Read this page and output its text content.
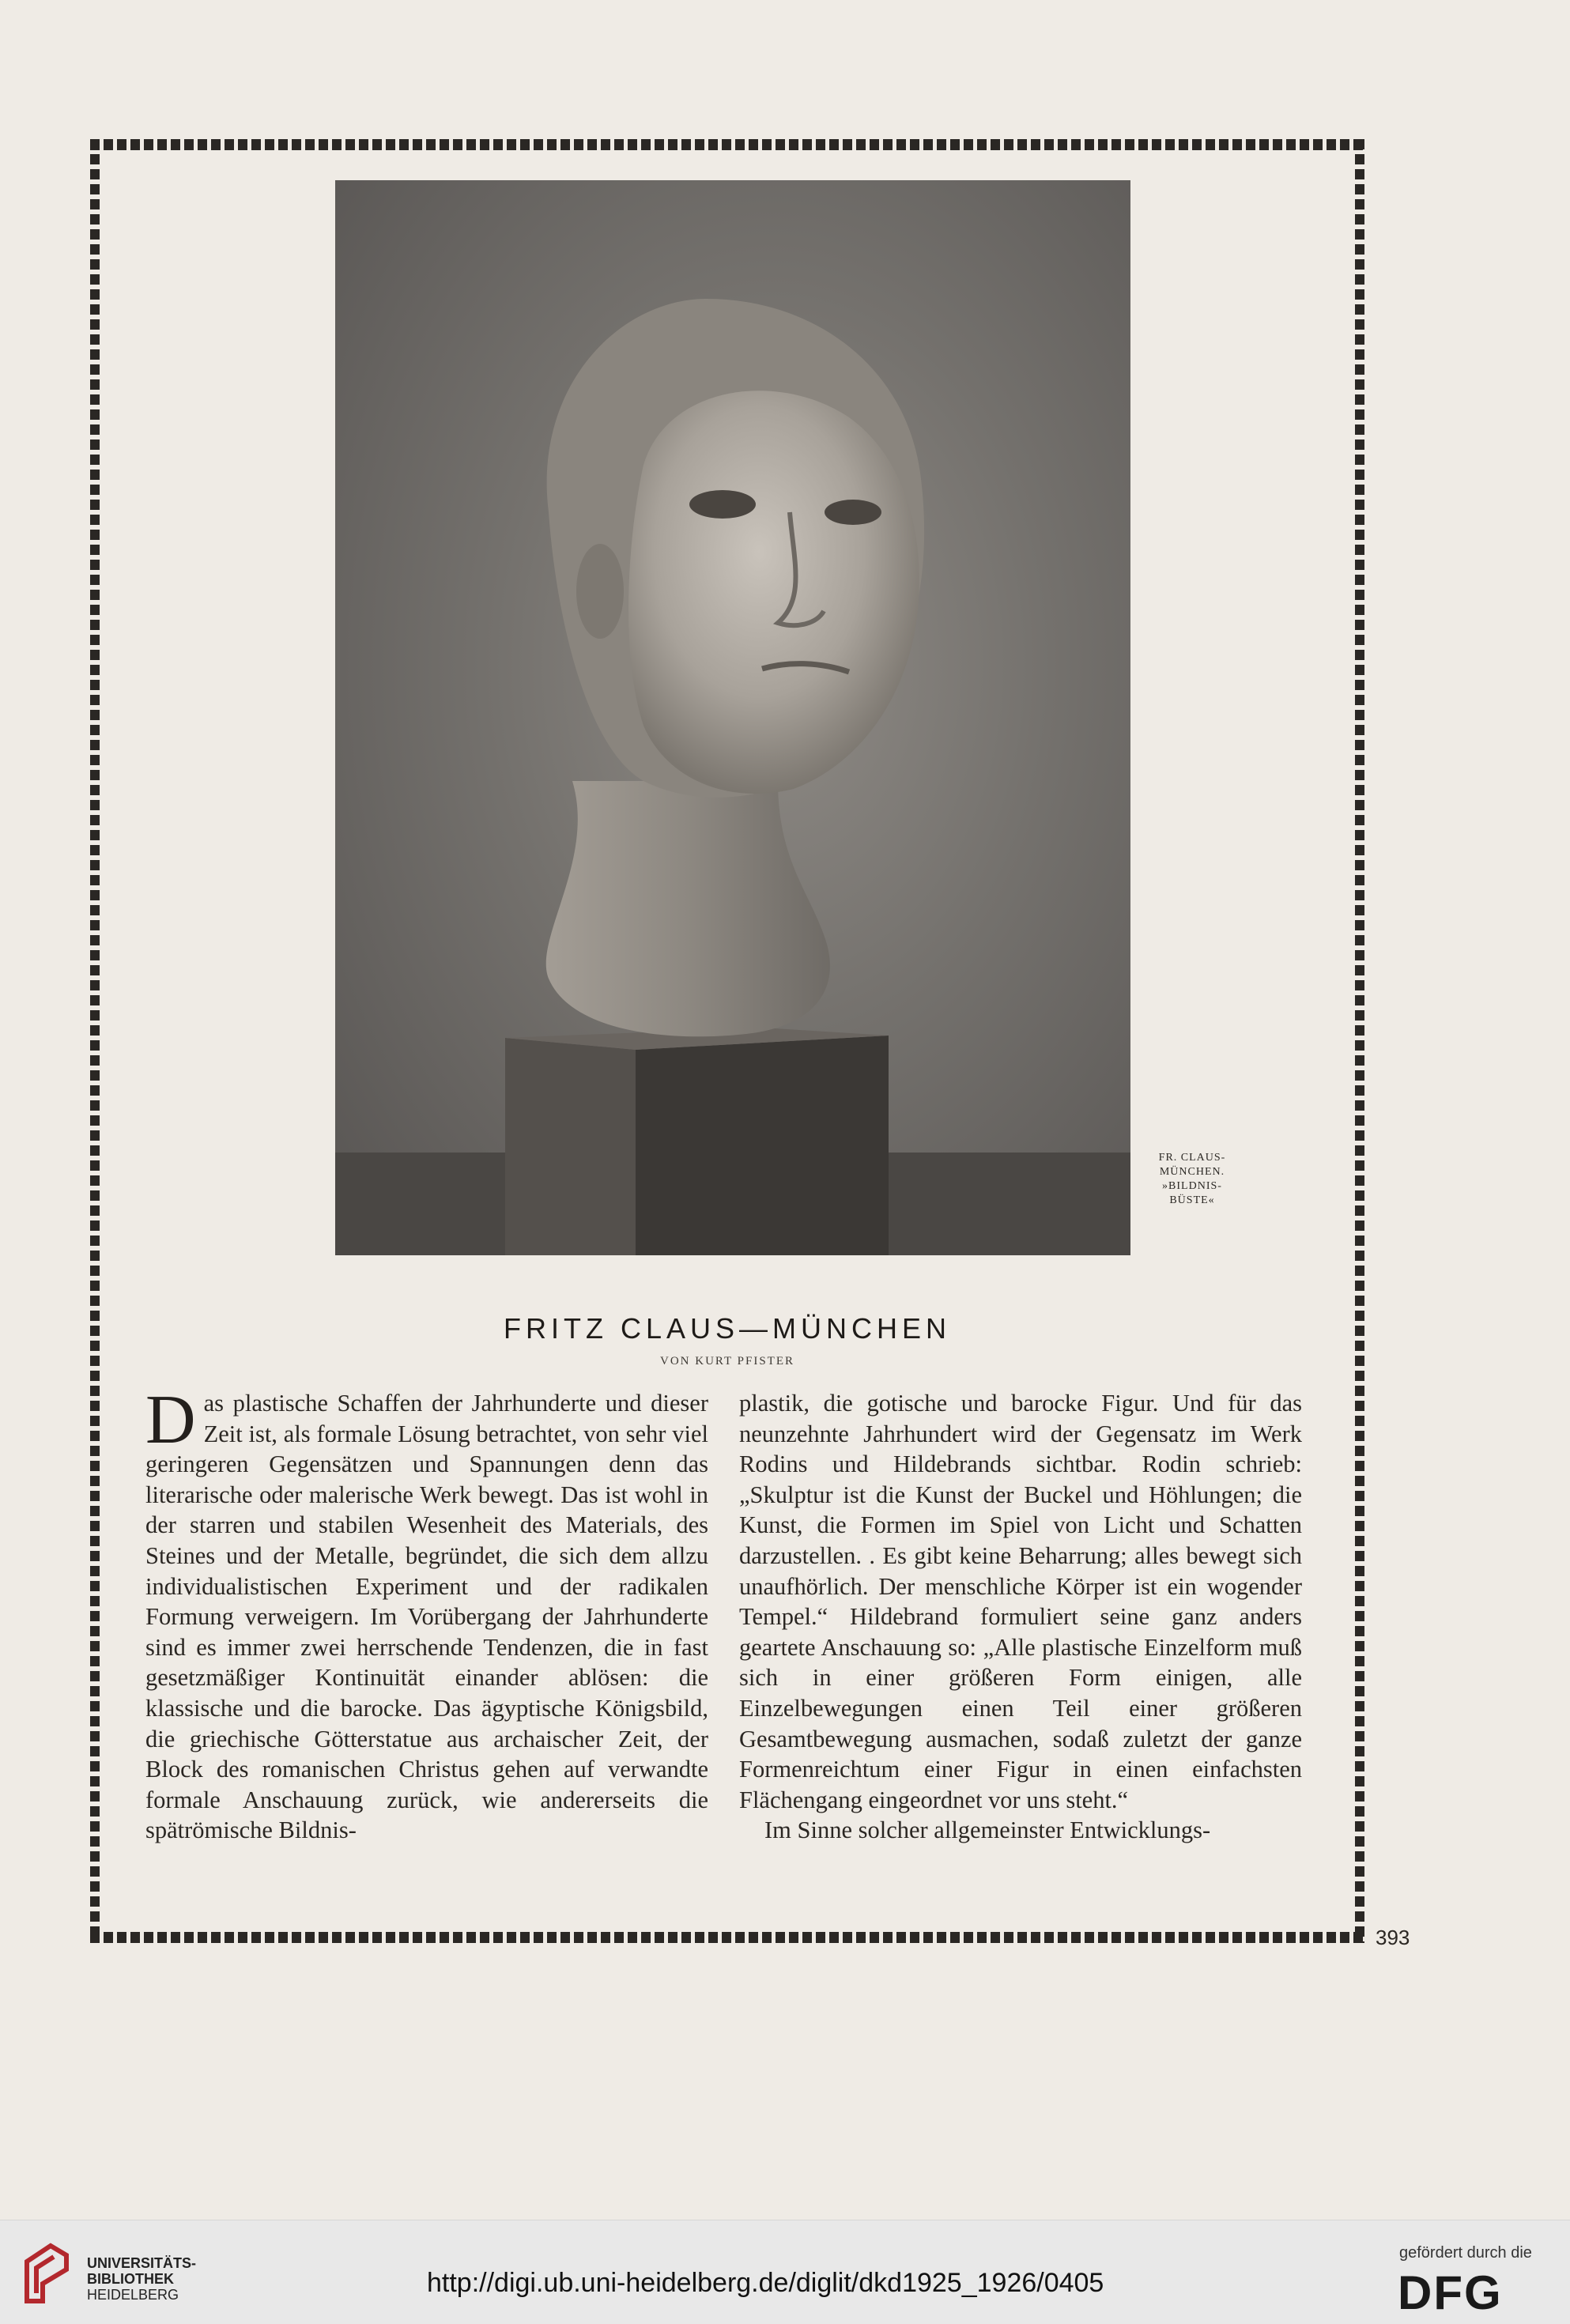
FR. CLAUS-
MÜNCHEN.
»BILDNIS-
BÜSTE«
FRITZ CLAUS—MÜNCHEN
VON KURT PFISTER

Das plastische Schaffen der Jahrhunderte und dieser Zeit ist, als formale Lösung betrachtet, von sehr viel geringeren Gegensätzen und Spannungen denn das literarische oder malerische Werk bewegt. Das ist wohl in der starren und stabilen Wesenheit des Materials, des Steines und der Metalle, begründet, die sich dem allzu individualistischen Experiment und der radikalen Formung verweigern. Im Vorübergang der Jahrhunderte sind es immer zwei herrschende Tendenzen, die in fast gesetzmäßiger Kontinuität einander ablösen: die klassische und die barocke. Das ägyptische Königsbild, die griechische Götterstatue aus archaischer Zeit, der Block des romanischen Christus gehen auf verwandte formale Anschauung zurück, wie andererseits die spätrömische Bildnis-

plastik, die gotische und barocke Figur. Und für das neunzehnte Jahrhundert wird der Gegensatz im Werk Rodins und Hildebrands sichtbar. Rodin schrieb: „Skulptur ist die Kunst der Buckel und Höhlungen; die Kunst, die Formen im Spiel von Licht und Schatten darzustellen. . Es gibt keine Beharrung; alles bewegt sich unaufhörlich. Der menschliche Körper ist ein wogender Tempel.“ Hildebrand formuliert seine ganz anders geartete Anschauung so: „Alle plastische Einzelform muß sich in einer größeren Form einigen, alle Einzelbewegungen einen Teil einer größeren Gesamtbewegung ausmachen, sodaß zuletzt der ganze Formenreichtum einer Figur in einen einfachsten Flächengang eingeordnet vor uns steht.“

Im Sinne solcher allgemeinster Entwicklungs-

393
UNIVERSITÄTS-
BIBLIOTHEK
HEIDELBERG	http://digi.ub.uni-heidelberg.de/diglit/dkd1925_1926/0405
gefördert durch die
DFG
